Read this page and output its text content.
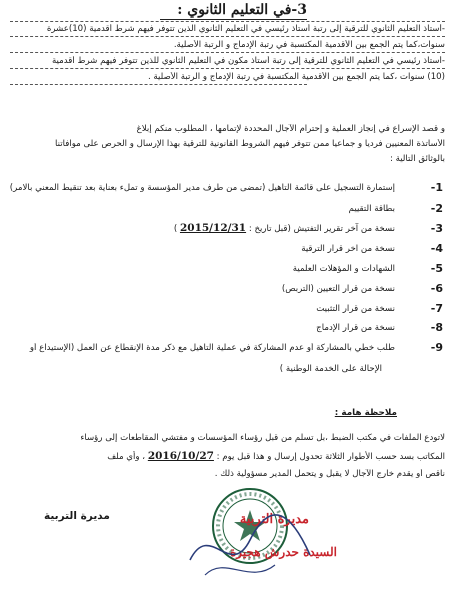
3-في التعليم الثانوي :
-أستاذ التعليم الثانوي للترقية إلى رتبة أستاذ رئيسي في التعليم الثانوي الذين تتوفر فيهم شرط أقدمية (10)عشرة
سنوات،كما يتم الجمع بين الأقدمية المكتسبة في رتبة الإدماج و الرتبة الأصلية.
-أستاذ رئيسي في التعليم الثانوي للترقية إلى رتبة أستاذ مكون في التعليم الثانوي للذين تتوفر فيهم شرط أقدمية
(10) سنوات ،كما يتم الجمع بين الأقدمية المكتسبة في رتبة الإدماج و الرتبة الأصلية .
و قصد الإسراع في إنجاز العملية و إحترام الآجال المحددة لإتمامها ، المطلوب منكم إبلاغ
الأساتذة المعنيين فرديا و جماعيا ممن تتوفر فيهم الشروط القانونية للترقية بهذا الإرسال و الحرص على موافاتنا
بالوثائق التالية :
1-
إستمارة التسجيل على قائمة التأهيل (تمضى من طرف مدير المؤسسة و تملء بعناية بعد تنقيط المعني بالامر)
2-
بطاقة التقييم
3-
نسخة من آخر تقرير التفتيش (قبل تاريخ : 2015/12/31 )
4-
نسخة من آخر قرار الترقية
5-
الشهادات و المؤهلات العلمية
6-
نسخة من قرار التعيين (التربص)
7-
نسخة من قرار التثبيت
8-
نسخة من قرار الإدماج
9-
طلب خطي بالمشاركة أو عدم المشاركة في عملية التأهيل مع ذكر مدة الإنقطاع عن العمل (الإستيداع أو
الإحالة على الخدمة الوطنية )
ملاحظة هامة :
لاتودع الملفات في مكتب الضبط ،بل تسلم من قبل رؤساء المؤسسات و مفتشي المقاطعات إلى رؤساء
المكاتب بسد حسب الأطوار الثلاثة تحدول إرسال و هذا قبل يوم : 2016/10/27 ، وأي ملف
ناقص أو يقدم خارج الآجال لا يقبل و يتحمل المدير مسؤولية ذلك .
مديرة التربية	مديرة التربية
السيدة حدرش هجيرة
